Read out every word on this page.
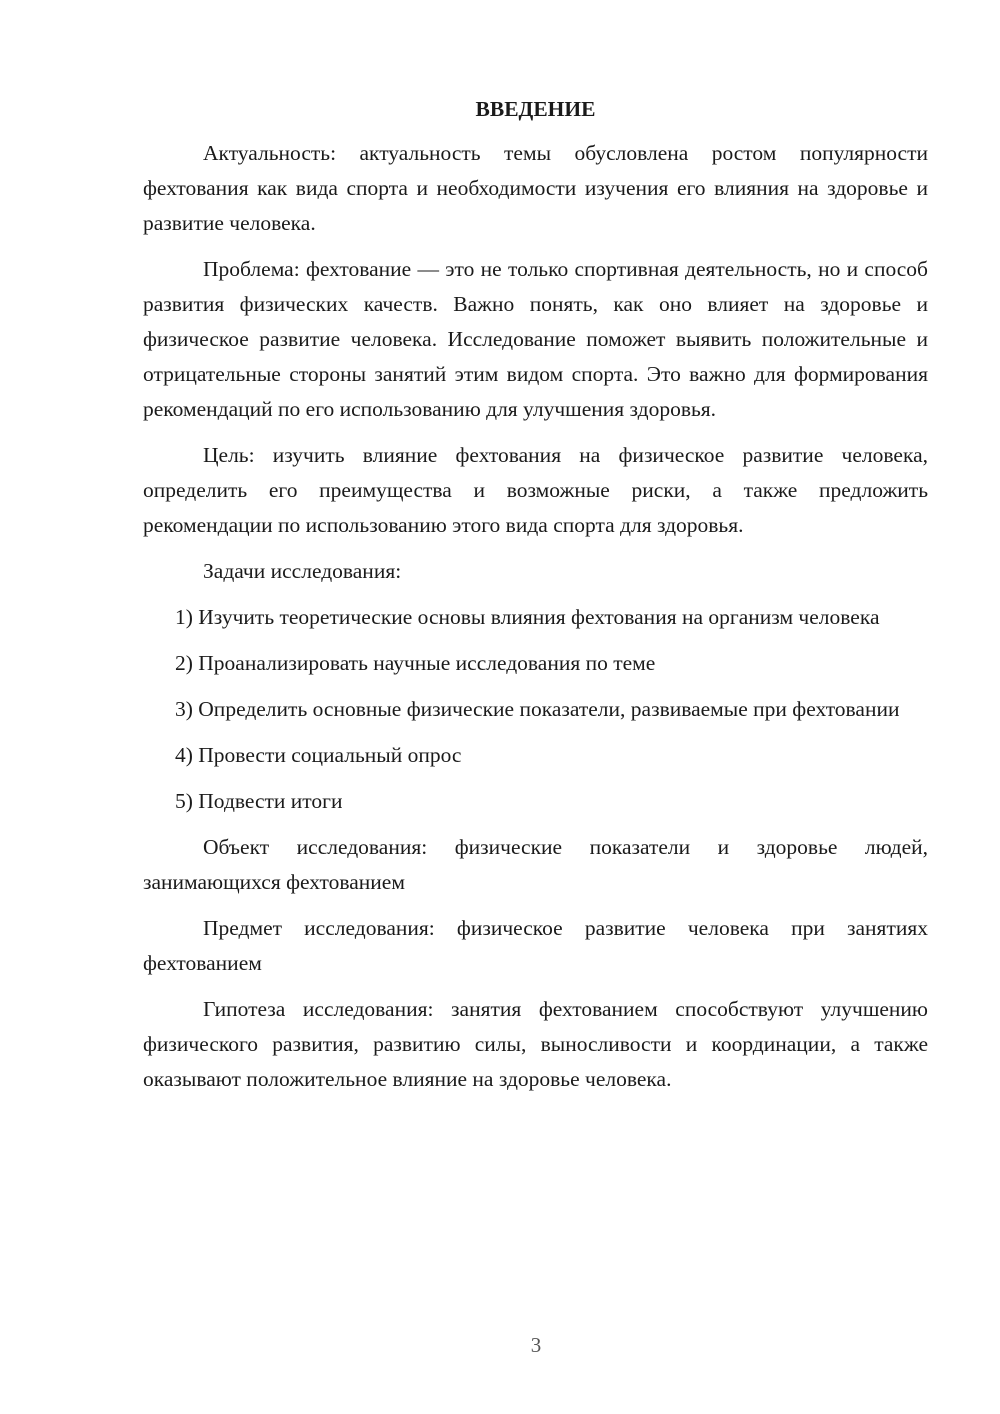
ВВЕДЕНИЕ

Актуальность: актуальность темы обусловлена ростом популярности фехтования как вида спорта и необходимости изучения его влияния на здоровье и развитие человека.

Проблема: фехтование — это не только спортивная деятельность, но и способ развития физических качеств. Важно понять, как оно влияет на здоровье и физическое развитие человека. Исследование поможет выявить положительные и отрицательные стороны занятий этим видом спорта. Это важно для формирования рекомендаций по его использованию для улучшения здоровья.

Цель: изучить влияние фехтования на физическое развитие человека, определить его преимущества и возможные риски, а также предложить рекомендации по использованию этого вида спорта для здоровья.

Задачи исследования:

1) Изучить теоретические основы влияния фехтования на организм человека

2) Проанализировать научные исследования по теме

3) Определить основные физические показатели, развиваемые при фехтовании

4) Провести социальный опрос

5) Подвести итоги

Объект исследования: физические показатели и здоровье людей, занимающихся фехтованием

Предмет исследования: физическое развитие человека при занятиях фехтованием

Гипотеза исследования: занятия фехтованием способствуют улучшению физического развития, развитию силы, выносливости и координации, а также оказывают положительное влияние на здоровье человека.

3
